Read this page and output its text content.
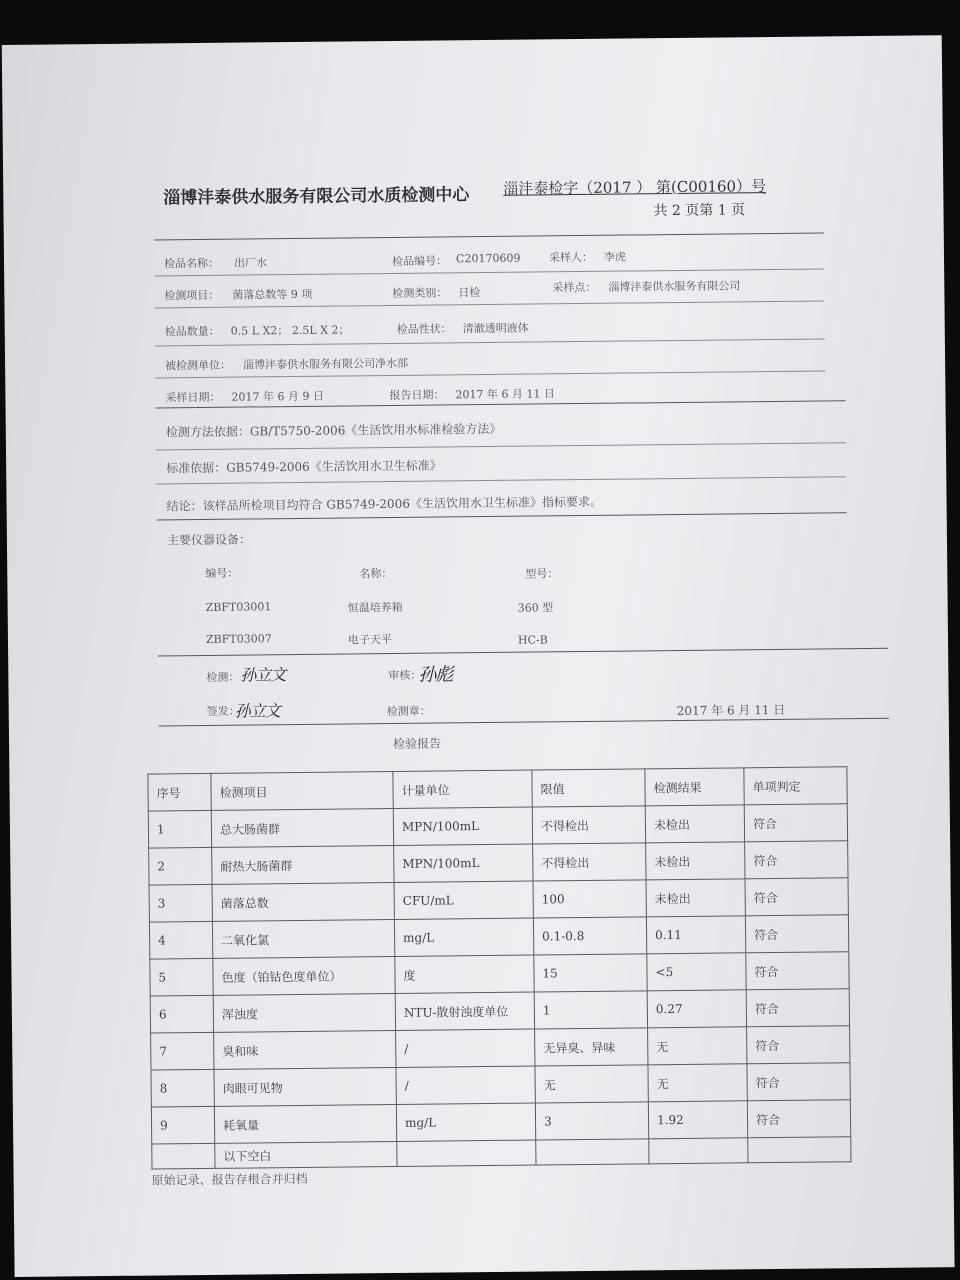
淄博沣泰供水服务有限公司水质检测中心 淄沣泰检字（2017 ） 第(C00160）号
共 2 页第 1 页
检品名称： 出厂水	检品编号： C20170609	采样人： 李虎
检测项目： 菌落总数等 9 项	检测类别： 日检	采样点： 淄博沣泰供水服务有限公司
检品数量： 0.5 L X2； 2.5L X 2；	检品性状： 清澈透明液体
被检测单位： 淄博沣泰供水服务有限公司净水部
采样日期： 2017 年 6 月 9 日	报告日期： 2017 年 6 月 11 日
检测方法依据：GB/T5750-2006《生活饮用水标准检验方法》
标准依据：GB5749-2006《生活饮用水卫生标准》
结论：该样品所检项目均符合 GB5749-2006《生活饮用水卫生标准》指标要求。
主要仪器设备：
编号：	名称：	型号：
ZBFT03001	恒温培养箱	360 型
ZBFT03007	电子天平	HC-B
检测： 孙立文	审核：
孙彪
签发：
孙立文	检测章：	2017 年 6 月 11 日
检验报告
序号	检测项目	计量单位	限值	检测结果	单项判定
1	总大肠菌群	MPN/100mL	不得检出	未检出	符合
2	耐热大肠菌群	MPN/100mL	不得检出	未检出	符合
3	菌落总数	CFU/mL	100	未检出	符合
4	二氧化氯	mg/L	0.1-0.8	0.11	符合
5	色度（铂钴色度单位）	度	15	<5	符合
6	浑浊度	NTU-散射浊度单位	1	0.27	符合
7	臭和味	/	无异臭、异味	无	符合
8	肉眼可见物	/	无	无	符合
9	耗氧量	mg/L	3	1.92	符合
	以下空白				
原始记录、报告存根合并归档
